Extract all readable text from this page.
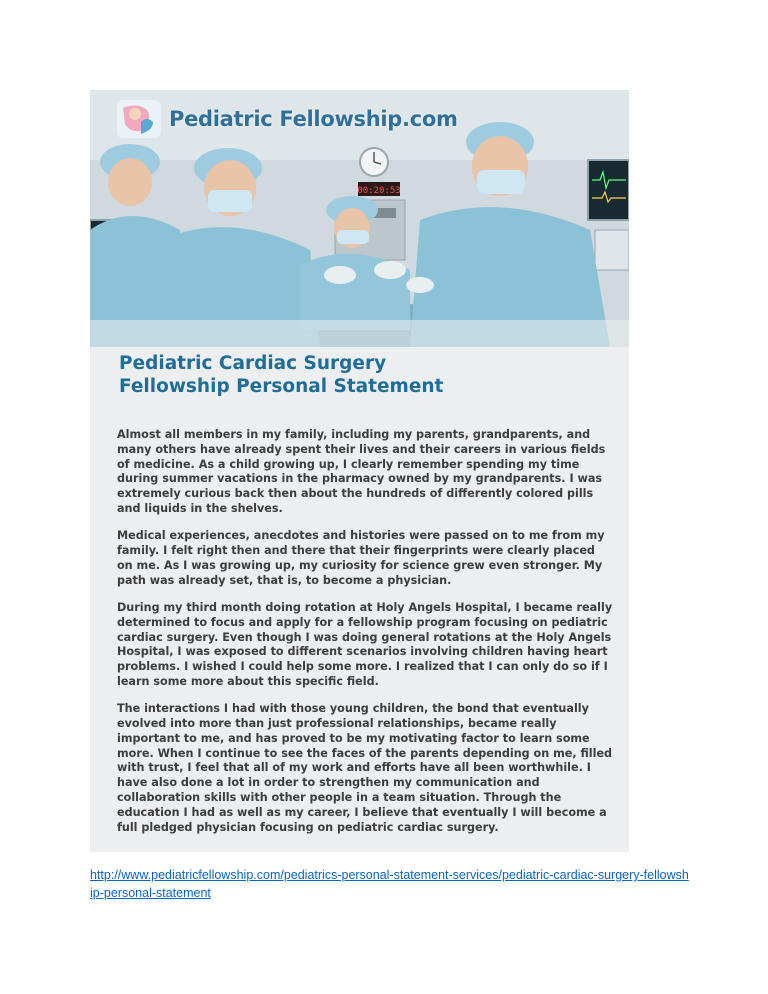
00:20:53
Pediatric Fellowship.com
Pediatric Cardiac Surgery
Fellowship Personal Statement

Almost all members in my family, including my parents, grandparents, and many others have already spent their lives and their careers in various fields of medicine. As a child growing up, I clearly remember spending my time during summer vacations in the pharmacy owned by my grandparents. I was extremely curious back then about the hundreds of differently colored pills and liquids in the shelves.

Medical experiences, anecdotes and histories were passed on to me from my family. I felt right then and there that their fingerprints were clearly placed on me. As I was growing up, my curiosity for science grew even stronger. My path was already set, that is, to become a physician.

During my third month doing rotation at Holy Angels Hospital, I became really determined to focus and apply for a fellowship program focusing on pediatric cardiac surgery. Even though I was doing general rotations at the Holy Angels Hospital, I was exposed to different scenarios involving children having heart problems. I wished I could help some more. I realized that I can only do so if I learn some more about this specific field.

The interactions I had with those young children, the bond that eventually evolved into more than just professional relationships, became really important to me, and has proved to be my motivating factor to learn some more. When I continue to see the faces of the parents depending on me, filled with trust, I feel that all of my work and efforts have all been worthwhile. I have also done a lot in order to strengthen my communication and collaboration skills with other people in a team situation. Through the education I had as well as my career, I believe that eventually I will become a full pledged physician focusing on pediatric cardiac surgery.

http://www.pediatricfellowship.com/pediatrics-personal-statement-services/pediatric-cardiac-surgery-fellowship-personal-statement
